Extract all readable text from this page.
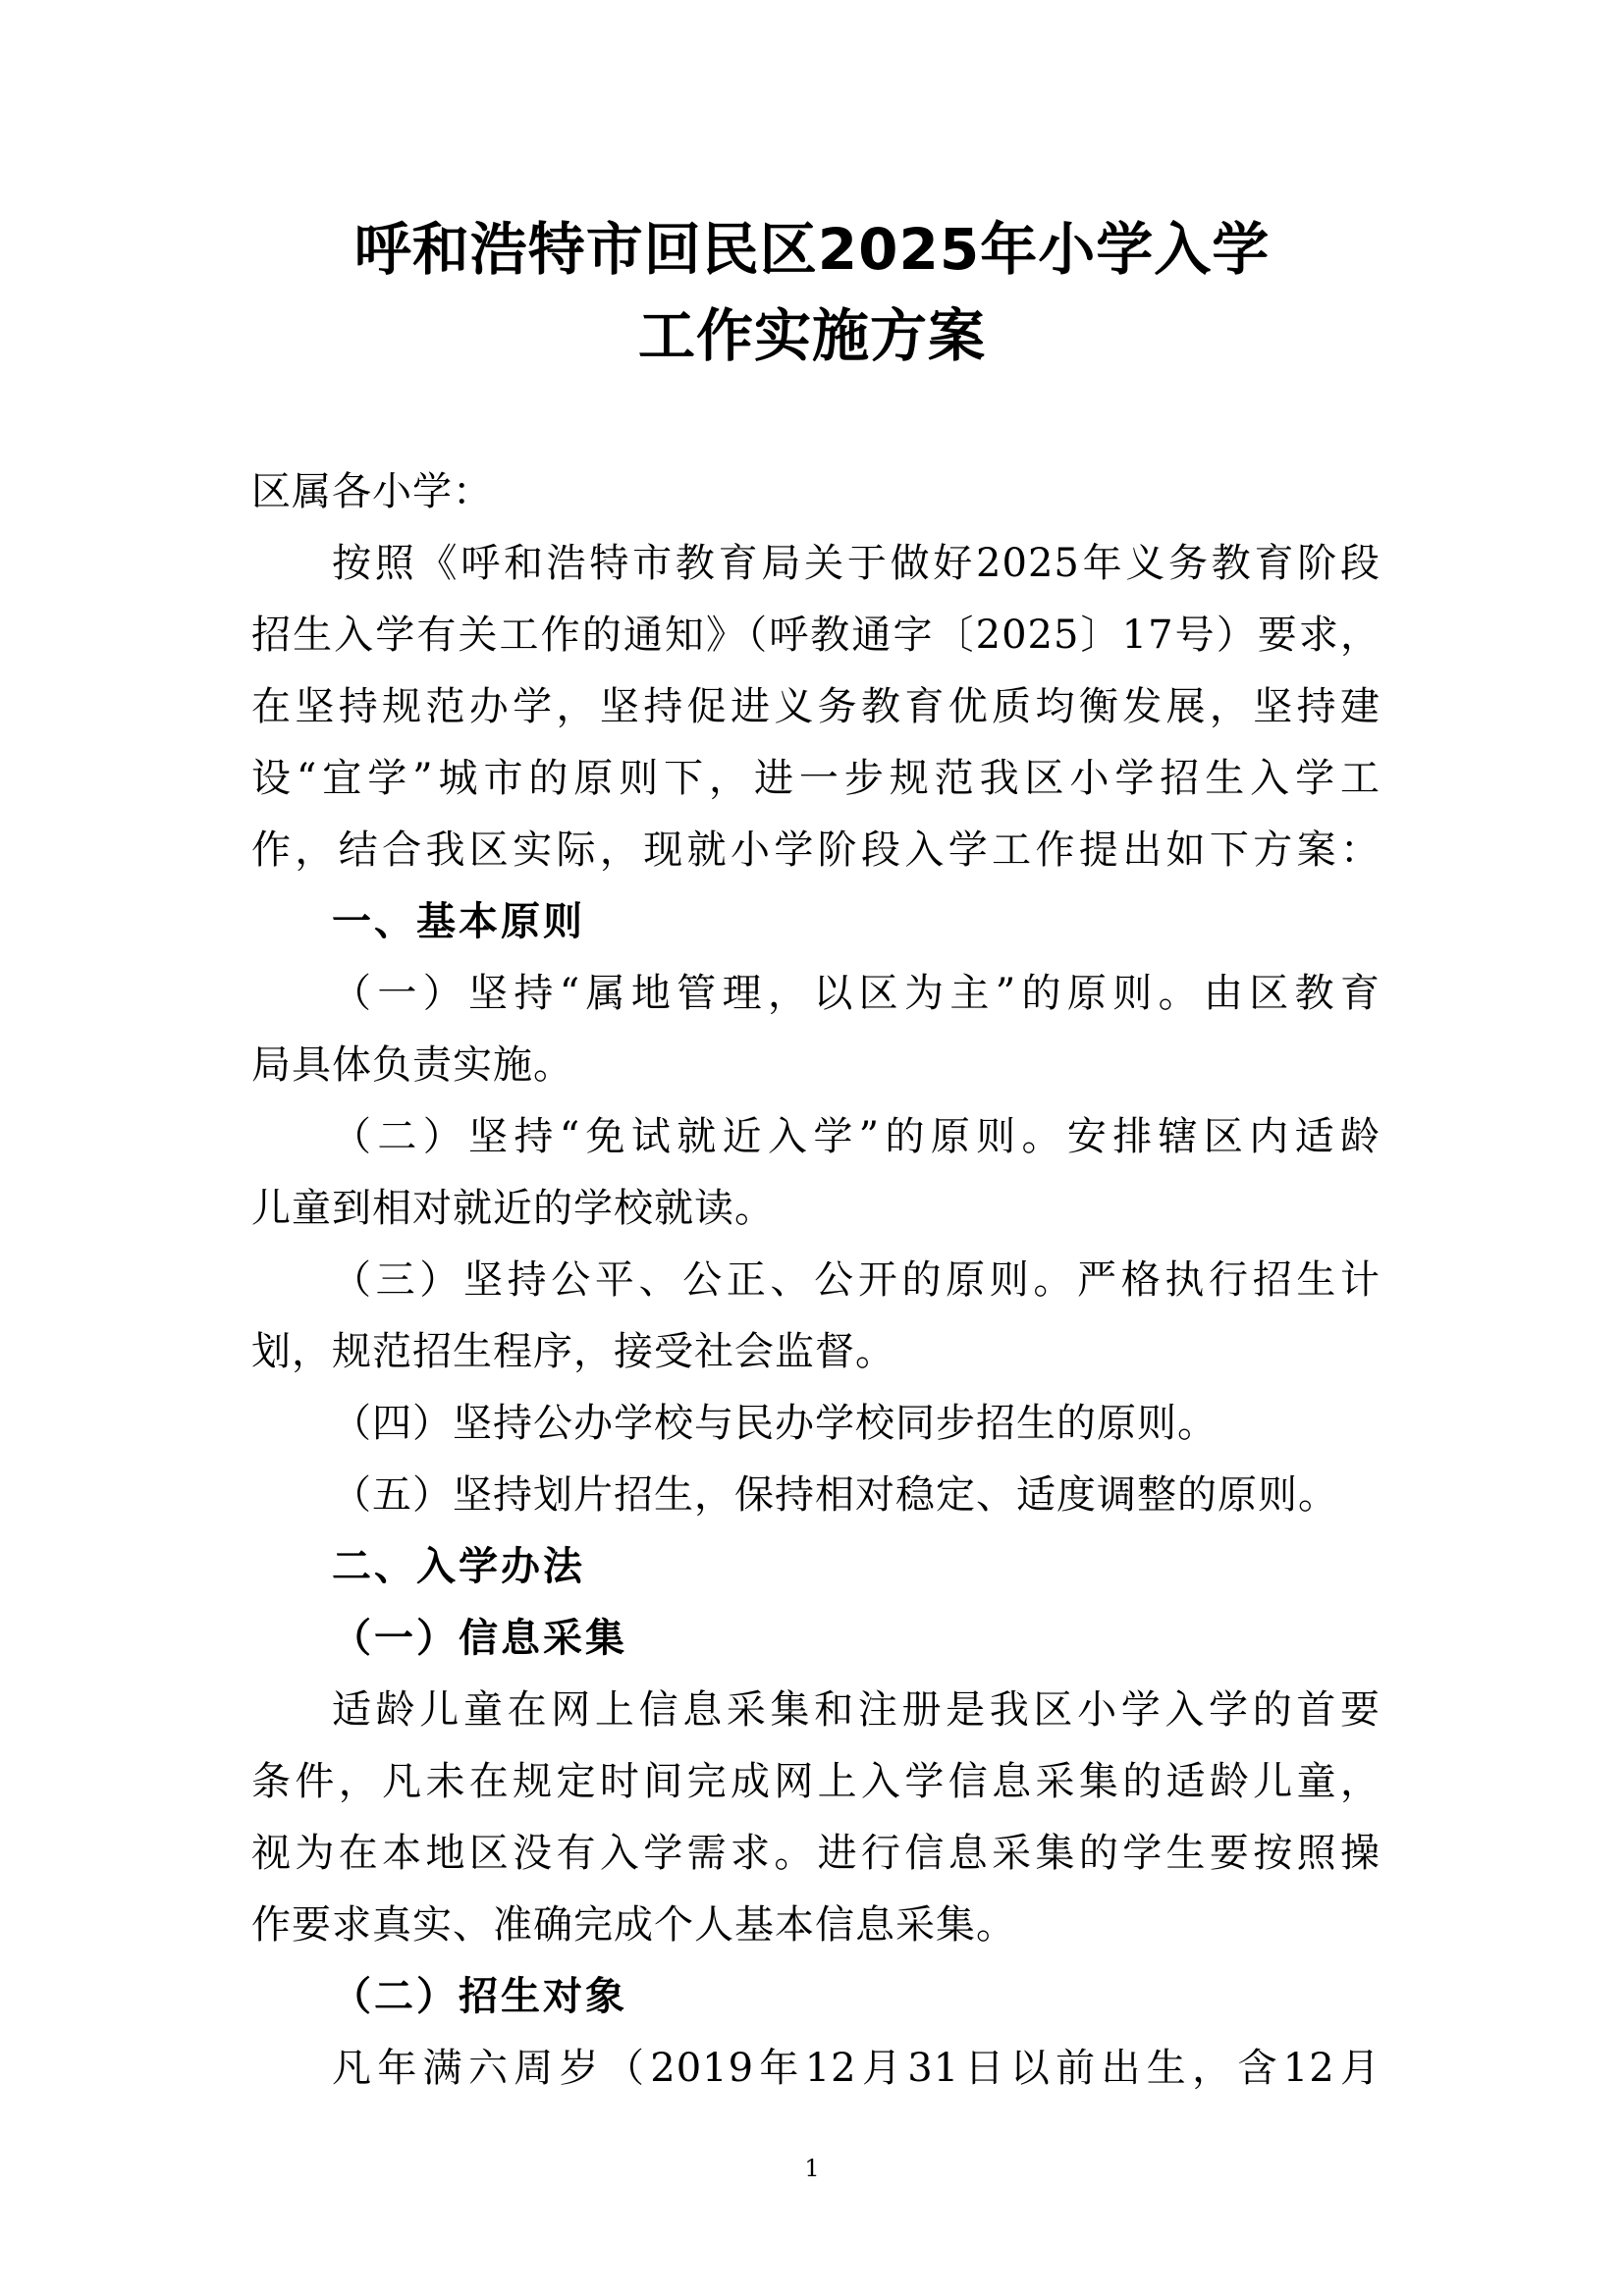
呼和浩特市回民区2025年小学入学
工作实施方案
区属各小学：
按照《呼和浩特市教育局关于做好2025年义务教育阶段
招生入学有关工作的通知》（呼教通字〔2025〕17号）要求，
在坚持规范办学，坚持促进义务教育优质均衡发展，坚持建
设“宜学”城市的原则下，进一步规范我区小学招生入学工
作，结合我区实际，现就小学阶段入学工作提出如下方案：
一、基本原则
（一）坚持“属地管理，以区为主”的原则。由区教育
局具体负责实施。
（二）坚持“免试就近入学”的原则。安排辖区内适龄
儿童到相对就近的学校就读。
（三）坚持公平、公正、公开的原则。严格执行招生计
划，规范招生程序，接受社会监督。
（四）坚持公办学校与民办学校同步招生的原则。
（五）坚持划片招生，保持相对稳定、适度调整的原则。
二、入学办法
（一）信息采集
适龄儿童在网上信息采集和注册是我区小学入学的首要
条件，凡未在规定时间完成网上入学信息采集的适龄儿童，
视为在本地区没有入学需求。进行信息采集的学生要按照操
作要求真实、准确完成个人基本信息采集。
（二）招生对象
凡年满六周岁（2019年12月31日以前出生，含12月
1
